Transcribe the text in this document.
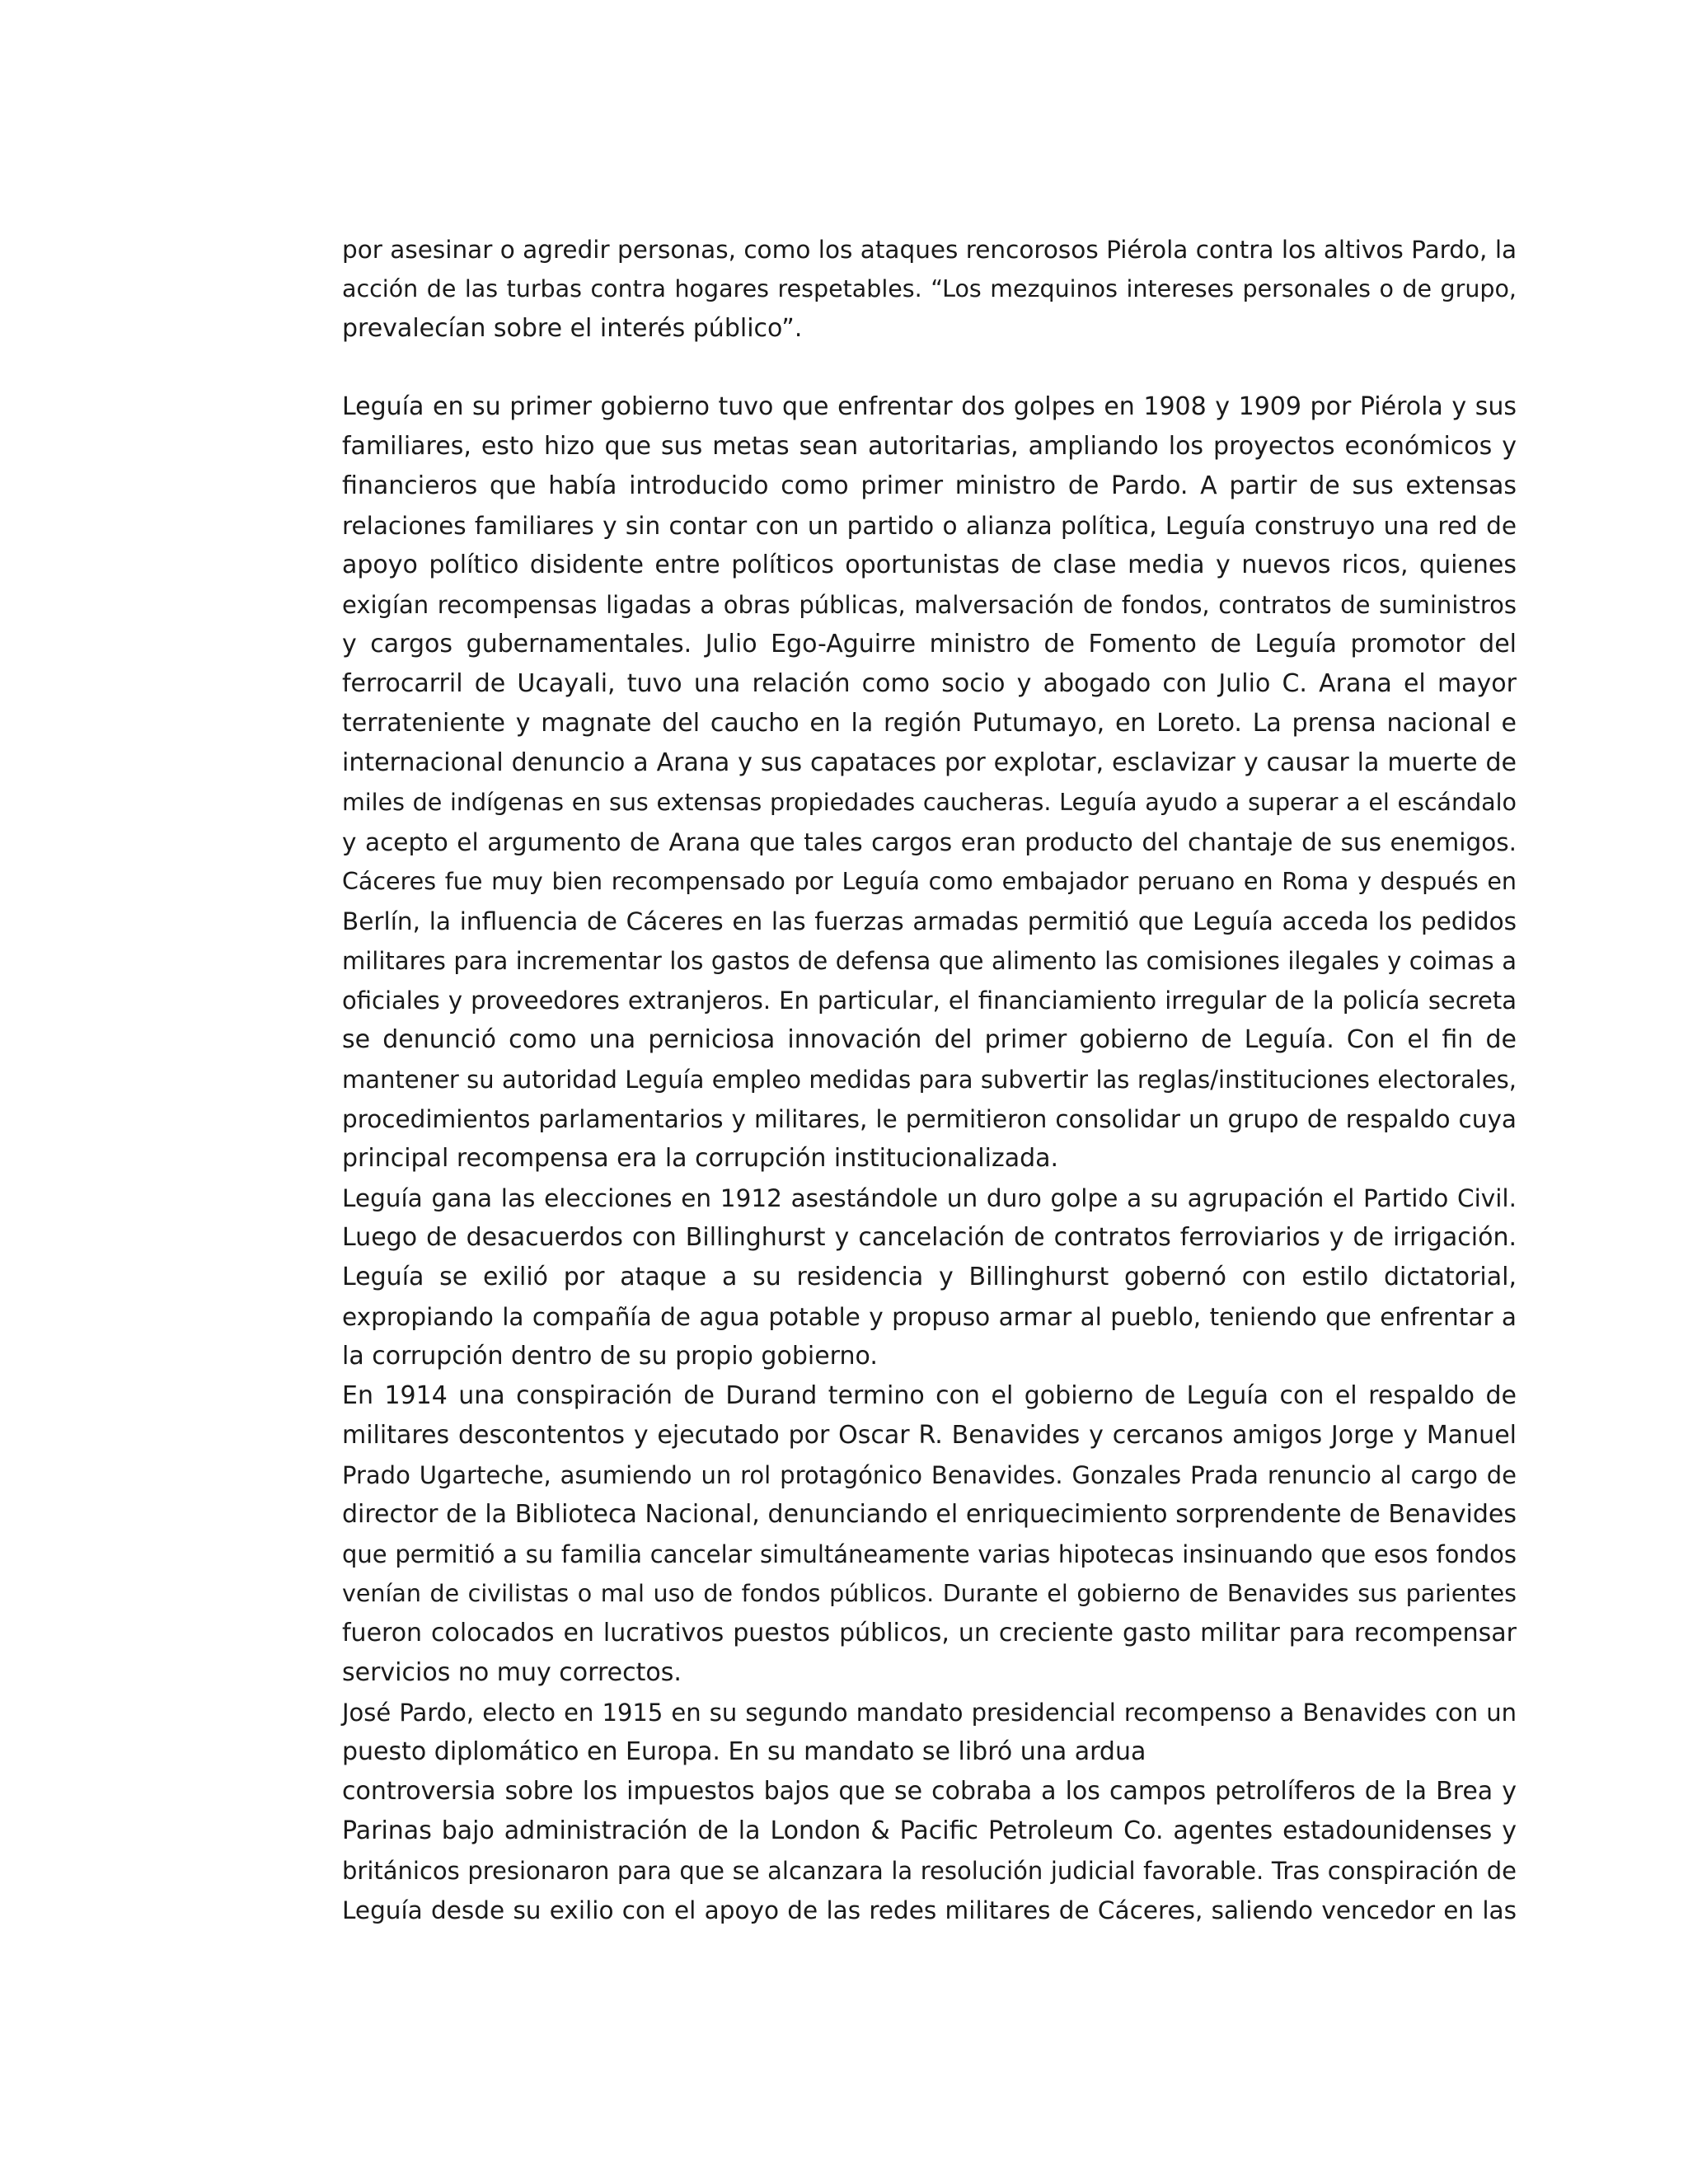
por asesinar o agredir personas, como los ataques rencorosos Piérola contra los altivos Pardo, la

acción de las turbas contra hogares respetables. “Los mezquinos intereses personales o de grupo,

prevalecían sobre el interés público”.

Leguía en su primer gobierno tuvo que enfrentar dos golpes en 1908 y 1909 por Piérola y sus

familiares, esto hizo que sus metas sean autoritarias, ampliando los proyectos económicos y

financieros que había introducido como primer ministro de Pardo. A partir de sus extensas

relaciones familiares y sin contar con un partido o alianza política, Leguía construyo una red de

apoyo político disidente entre políticos oportunistas de clase media y nuevos ricos, quienes

exigían recompensas ligadas a obras públicas, malversación de fondos, contratos de suministros

y cargos gubernamentales. Julio Ego-Aguirre ministro de Fomento de Leguía promotor del

ferrocarril de Ucayali, tuvo una relación como socio y abogado con Julio C. Arana el mayor

terrateniente y magnate del caucho en la región Putumayo, en Loreto. La prensa nacional e

internacional denuncio a Arana y sus capataces por explotar, esclavizar y causar la muerte de

miles de indígenas en sus extensas propiedades caucheras. Leguía ayudo a superar a el escándalo

y acepto el argumento de Arana que tales cargos eran producto del chantaje de sus enemigos.

Cáceres fue muy bien recompensado por Leguía como embajador peruano en Roma y después en

Berlín, la influencia de Cáceres en las fuerzas armadas permitió que Leguía acceda los pedidos

militares para incrementar los gastos de defensa que alimento las comisiones ilegales y coimas a

oficiales y proveedores extranjeros. En particular, el financiamiento irregular de la policía secreta

se denunció como una perniciosa innovación del primer gobierno de Leguía. Con el fin de

mantener su autoridad Leguía empleo medidas para subvertir las reglas/instituciones electorales,

procedimientos parlamentarios y militares, le permitieron consolidar un grupo de respaldo cuya

principal recompensa era la corrupción institucionalizada.

Leguía gana las elecciones en 1912 asestándole un duro golpe a su agrupación el Partido Civil.

Luego de desacuerdos con Billinghurst y cancelación de contratos ferroviarios y de irrigación.

Leguía se exilió por ataque a su residencia y Billinghurst gobernó con estilo dictatorial,

expropiando la compañía de agua potable y propuso armar al pueblo, teniendo que enfrentar a

la corrupción dentro de su propio gobierno.

En 1914 una conspiración de Durand termino con el gobierno de Leguía con el respaldo de

militares descontentos y ejecutado por Oscar R. Benavides y cercanos amigos Jorge y Manuel

Prado Ugarteche, asumiendo un rol protagónico Benavides. Gonzales Prada renuncio al cargo de

director de la Biblioteca Nacional, denunciando el enriquecimiento sorprendente de Benavides

que permitió a su familia cancelar simultáneamente varias hipotecas insinuando que esos fondos

venían de civilistas o mal uso de fondos públicos. Durante el gobierno de Benavides sus parientes

fueron colocados en lucrativos puestos públicos, un creciente gasto militar para recompensar

servicios no muy correctos.

José Pardo, electo en 1915 en su segundo mandato presidencial recompenso a Benavides con un

puesto diplomático en Europa. En su mandato se libró una ardua

controversia sobre los impuestos bajos que se cobraba a los campos petrolíferos de la Brea y

Parinas bajo administración de la London & Pacific Petroleum Co. agentes estadounidenses y

británicos presionaron para que se alcanzara la resolución judicial favorable. Tras conspiración de

Leguía desde su exilio con el apoyo de las redes militares de Cáceres, saliendo vencedor en las
